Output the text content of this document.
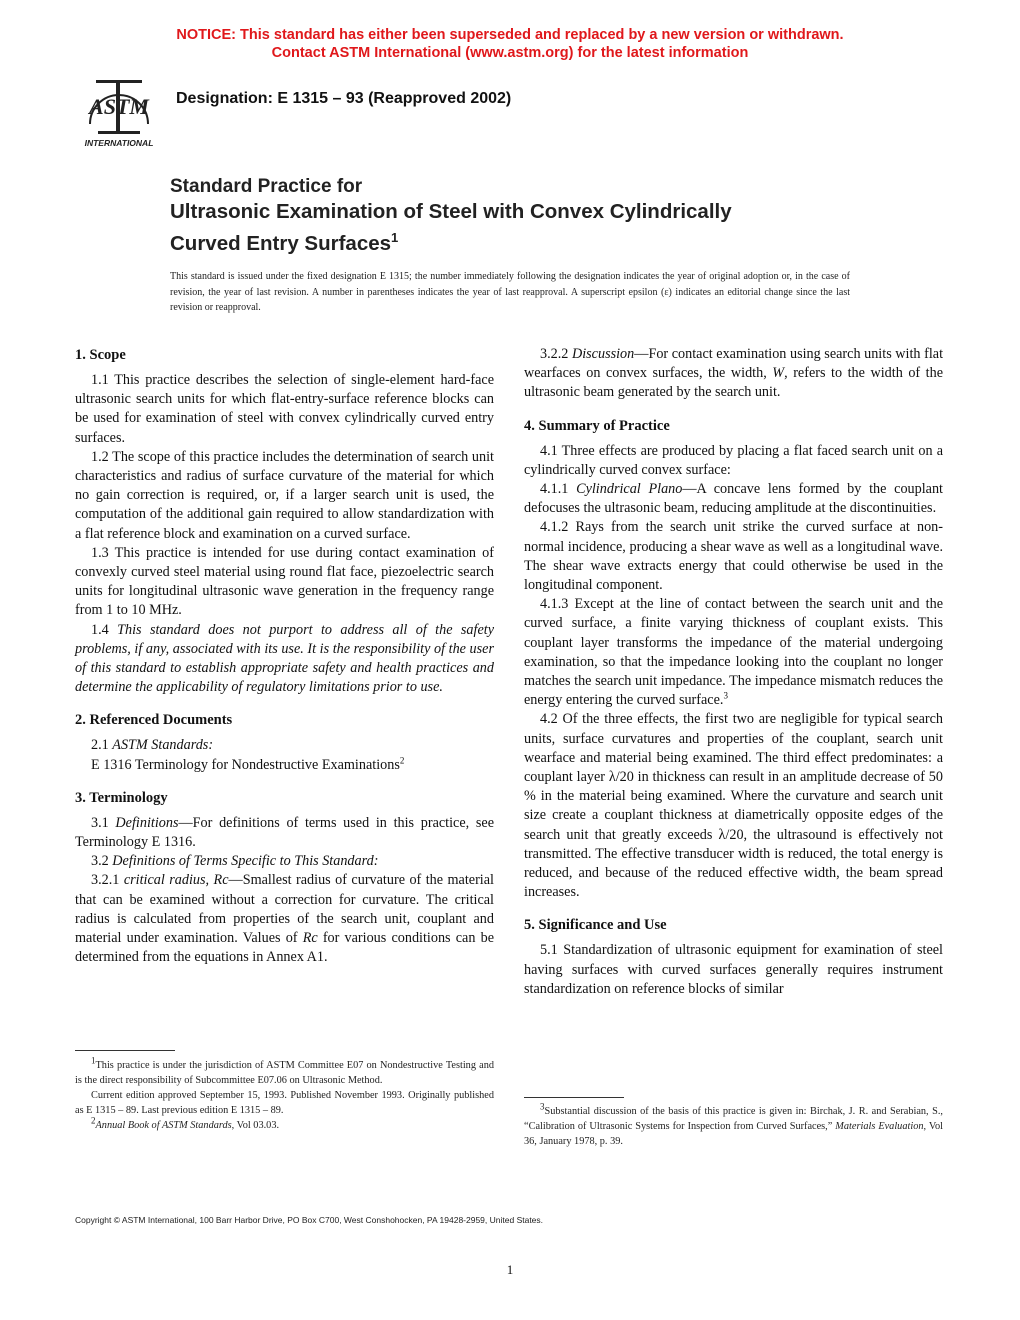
NOTICE: This standard has either been superseded and replaced by a new version or withdrawn.
Contact ASTM International (www.astm.org) for the latest information
ASTM
INTERNATIONAL
Designation: E 1315 – 93 (Reapproved 2002)
Standard Practice for
Ultrasonic Examination of Steel with Convex Cylindrically
Curved Entry Surfaces$^1$
This standard is issued under the fixed designation E 1315; the number immediately following the designation indicates the year of original adoption or, in the case of revision, the year of last revision. A number in parentheses indicates the year of last reapproval. A superscript epsilon (ε) indicates an editorial change since the last revision or reapproval.
1. Scope

1.1 This practice describes the selection of single-element hard-face ultrasonic search units for which flat-entry-surface reference blocks can be used for examination of steel with convex cylindrically curved entry surfaces.

1.2 The scope of this practice includes the determination of search unit characteristics and radius of surface curvature of the material for which no gain correction is required, or, if a larger search unit is used, the computation of the additional gain required to allow standardization with a flat reference block and examination on a curved surface.

1.3 This practice is intended for use during contact examination of convexly curved steel material using round flat face, piezoelectric search units for longitudinal ultrasonic wave generation in the frequency range from 1 to 10 MHz.

1.4 This standard does not purport to address all of the safety problems, if any, associated with its use. It is the responsibility of the user of this standard to establish appropriate safety and health practices and determine the applicability of regulatory limitations prior to use.

2. Referenced Documents

2.1 ASTM Standards:

E 1316 Terminology for Nondestructive Examinations$^2$

3. Terminology

3.1 Definitions—For definitions of terms used in this practice, see Terminology E 1316.

3.2 Definitions of Terms Specific to This Standard:

3.2.1 critical radius, Rc—Smallest radius of curvature of the material that can be examined without a correction for curvature. The critical radius is calculated from properties of the search unit, couplant and material under examination. Values of Rc for various conditions can be determined from the equations in Annex A1.

3.2.2 Discussion—For contact examination using search units with flat wearfaces on convex surfaces, the width, W, refers to the width of the ultrasonic beam generated by the search unit.

4. Summary of Practice

4.1 Three effects are produced by placing a flat faced search unit on a cylindrically curved convex surface:

4.1.1 Cylindrical Plano—A concave lens formed by the couplant defocuses the ultrasonic beam, reducing amplitude at the discontinuities.

4.1.2 Rays from the search unit strike the curved surface at non-normal incidence, producing a shear wave as well as a longitudinal wave. The shear wave extracts energy that could otherwise be used in the longitudinal component.

4.1.3 Except at the line of contact between the search unit and the curved surface, a finite varying thickness of couplant exists. This couplant layer transforms the impedance of the material undergoing examination, so that the impedance looking into the couplant no longer matches the search unit impedance. The impedance mismatch reduces the energy entering the curved surface.$^3$

4.2 Of the three effects, the first two are negligible for typical search units, surface curvatures and properties of the couplant, search unit wearface and material being examined. The third effect predominates: a couplant layer λ/20 in thickness can result in an amplitude decrease of 50 % in the material being examined. Where the curvature and search unit size create a couplant thickness at diametrically opposite edges of the search unit that greatly exceeds λ/20, the ultrasound is effectively not transmitted. The effective transducer width is reduced, the total energy is reduced, and because of the reduced effective width, the beam spread increases.

5. Significance and Use

5.1 Standardization of ultrasonic equipment for examination of steel having surfaces with curved surfaces generally requires instrument standardization on reference blocks of similar

1This practice is under the jurisdiction of ASTM Committee E07 on Nondestructive Testing and is the direct responsibility of Subcommittee E07.06 on Ultrasonic Method.

Current edition approved September 15, 1993. Published November 1993. Originally published as E 1315 – 89. Last previous edition E 1315 – 89.

2Annual Book of ASTM Standards, Vol 03.03.

3Substantial discussion of the basis of this practice is given in: Birchak, J. R. and Serabian, S., “Calibration of Ultrasonic Systems for Inspection from Curved Surfaces,” Materials Evaluation, Vol 36, January 1978, p. 39.

Copyright © ASTM International, 100 Barr Harbor Drive, PO Box C700, West Conshohocken, PA 19428-2959, United States.
1
